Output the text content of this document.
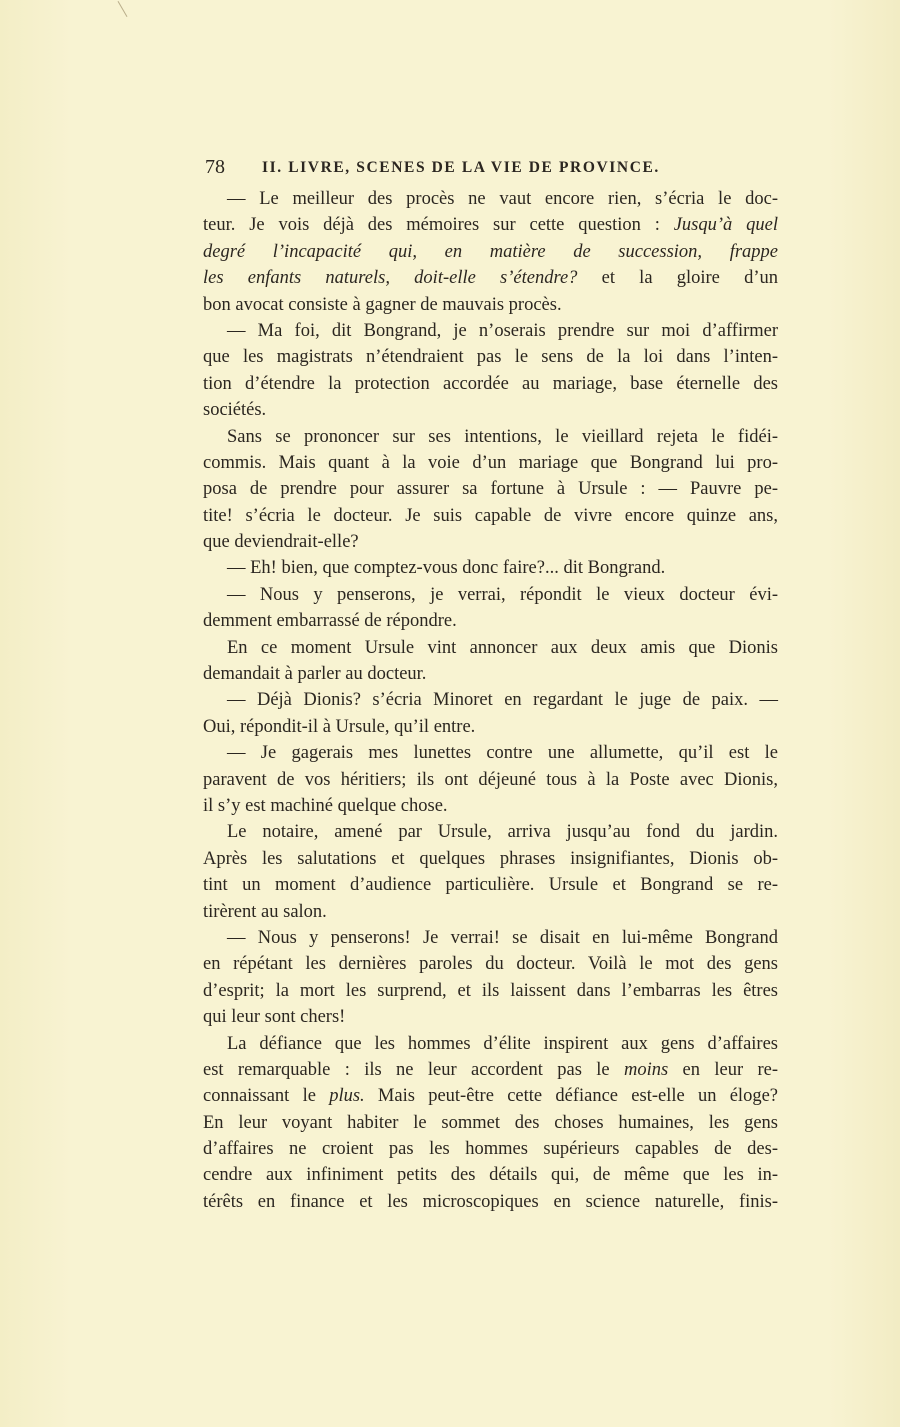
78 II. LIVRE, SCENES DE LA VIE DE PROVINCE.
— Le meilleur des procès ne vaut encore rien, s’écria le doc-
teur. Je vois déjà des mémoires sur cette question : Jusqu’à quel
degré l’incapacité qui, en matière de succession, frappe
les enfants naturels, doit-elle s’étendre? et la gloire d’un
bon avocat consiste à gagner de mauvais procès.
— Ma foi, dit Bongrand, je n’oserais prendre sur moi d’affirmer
que les magistrats n’étendraient pas le sens de la loi dans l’inten-
tion d’étendre la protection accordée au mariage, base éternelle des
sociétés.
Sans se prononcer sur ses intentions, le vieillard rejeta le fidéi-
commis. Mais quant à la voie d’un mariage que Bongrand lui pro-
posa de prendre pour assurer sa fortune à Ursule : — Pauvre pe-
tite! s’écria le docteur. Je suis capable de vivre encore quinze ans,
que deviendrait-elle?
— Eh! bien, que comptez-vous donc faire?... dit Bongrand.
— Nous y penserons, je verrai, répondit le vieux docteur évi-
demment embarrassé de répondre.
En ce moment Ursule vint annoncer aux deux amis que Dionis
demandait à parler au docteur.
— Déjà Dionis? s’écria Minoret en regardant le juge de paix. —
Oui, répondit-il à Ursule, qu’il entre.
— Je gagerais mes lunettes contre une allumette, qu’il est le
paravent de vos héritiers; ils ont déjeuné tous à la Poste avec Dionis,
il s’y est machiné quelque chose.
Le notaire, amené par Ursule, arriva jusqu’au fond du jardin.
Après les salutations et quelques phrases insignifiantes, Dionis ob-
tint un moment d’audience particulière. Ursule et Bongrand se re-
tirèrent au salon.
— Nous y penserons! Je verrai! se disait en lui-même Bongrand
en répétant les dernières paroles du docteur. Voilà le mot des gens
d’esprit; la mort les surprend, et ils laissent dans l’embarras les êtres
qui leur sont chers!
La défiance que les hommes d’élite inspirent aux gens d’affaires
est remarquable : ils ne leur accordent pas le moins en leur re-
connaissant le plus. Mais peut-être cette défiance est-elle un éloge?
En leur voyant habiter le sommet des choses humaines, les gens
d’affaires ne croient pas les hommes supérieurs capables de des-
cendre aux infiniment petits des détails qui, de même que les in-
térêts en finance et les microscopiques en science naturelle, finis-
